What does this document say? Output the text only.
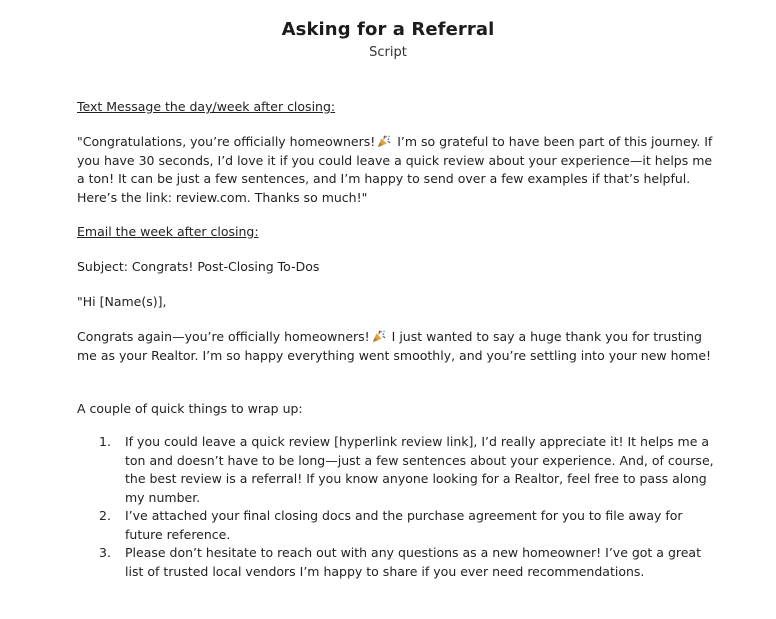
Asking for a Referral
Script
Text Message the day/week after closing:
"Congratulations, you’re officially homeowners! I’m so grateful to have been part of this journey. If you have 30 seconds, I’d love it if you could leave a quick review about your experience—it helps me a ton! It can be just a few sentences, and I’m happy to send over a few examples if that’s helpful. Here’s the link: review.com. Thanks so much!"
Email the week after closing:
Subject: Congrats! Post-Closing To-Dos
"Hi [Name(s)],
Congrats again—you’re officially homeowners! I just wanted to say a huge thank you for trusting me as your Realtor. I’m so happy everything went smoothly, and you’re settling into your new home!
A couple of quick things to wrap up:
1. If you could leave a quick review [hyperlink review link], I’d really appreciate it! It helps me a ton and doesn’t have to be long—just a few sentences about your experience. And, of course, the best review is a referral! If you know anyone looking for a Realtor, feel free to pass along my number.
2. I’ve attached your final closing docs and the purchase agreement for you to file away for future reference.
3. Please don’t hesitate to reach out with any questions as a new homeowner! I’ve got a great list of trusted local vendors I’m happy to share if you ever need recommendations.
